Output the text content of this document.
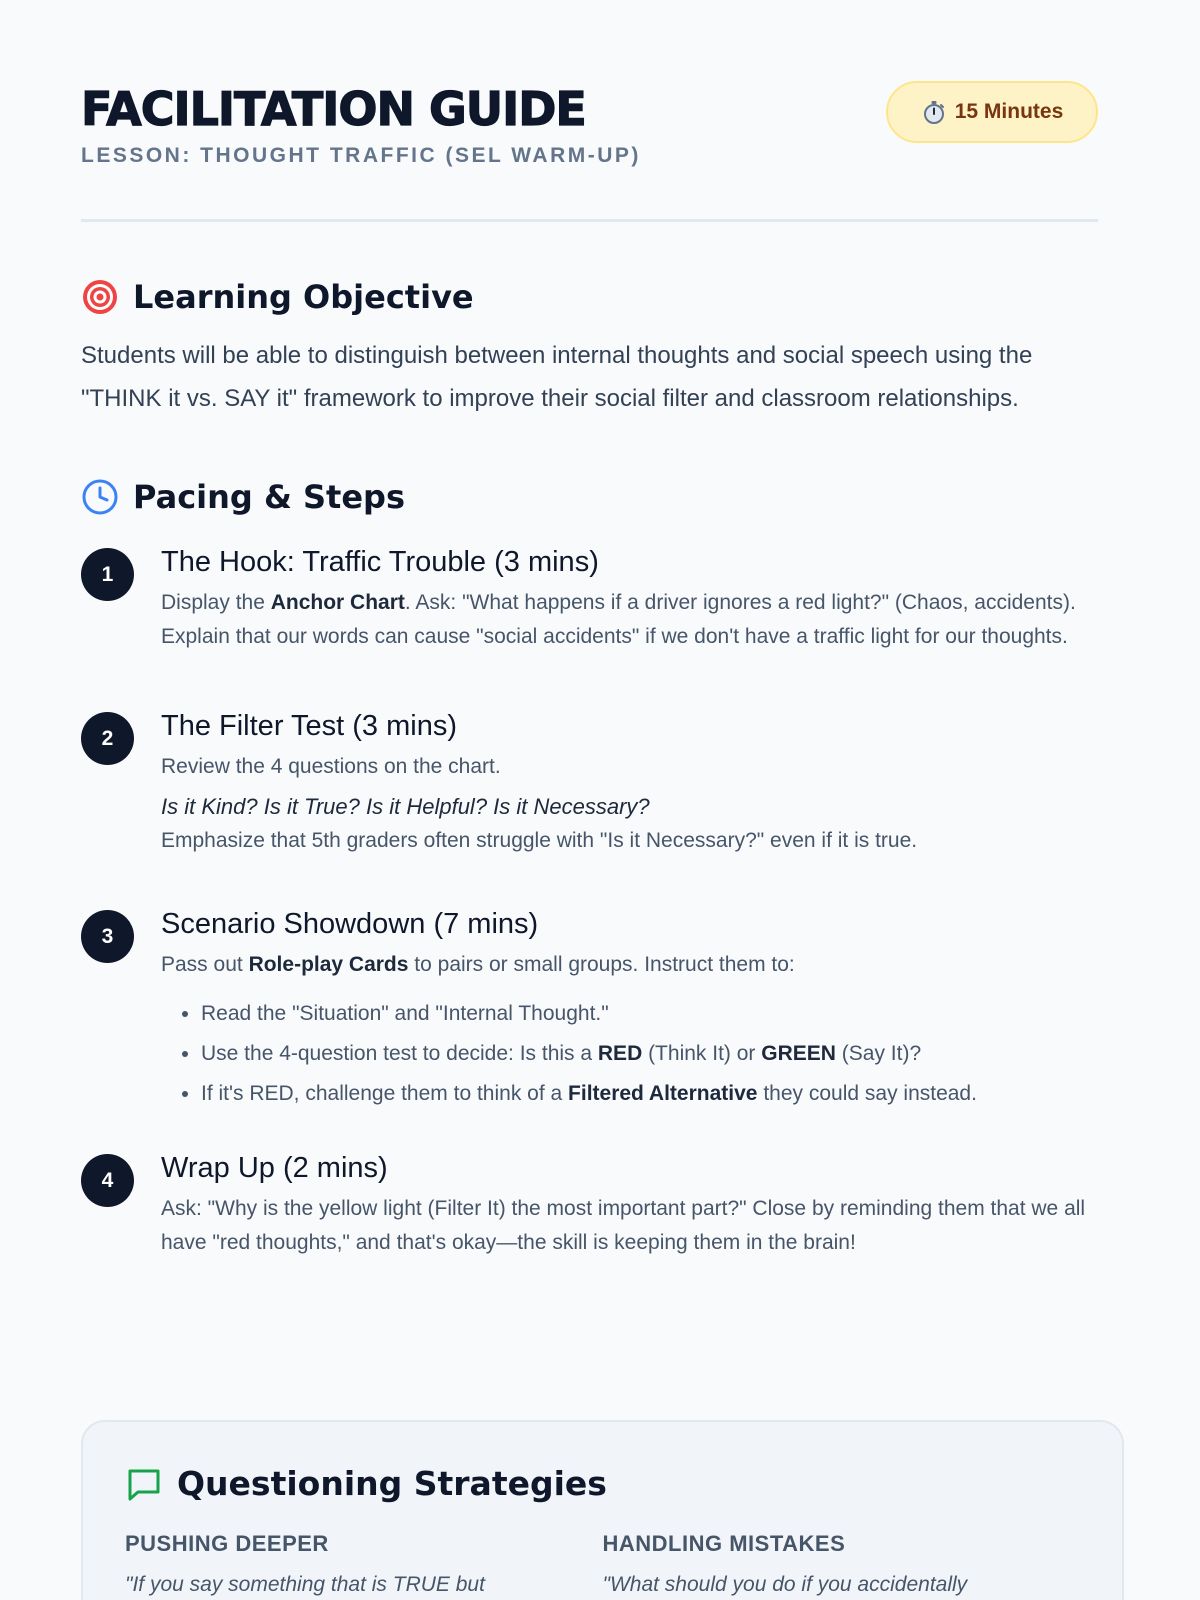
FACILITATION GUIDE
LESSON: THOUGHT TRAFFIC (SEL WARM-UP)
15 Minutes
Learning Objective

Students will be able to distinguish between internal thoughts and social speech using the "THINK it vs. SAY it" framework to improve their social filter and classroom relationships.

Pacing & Steps
1	The Hook: Traffic Trouble (3 mins)
Display the Anchor Chart. Ask: "What happens if a driver ignores a red light?" (Chaos, accidents). Explain that our words can cause "social accidents" if we don't have a traffic light for our thoughts.
2	The Filter Test (3 mins)
Review the 4 questions on the chart.
Is it Kind? Is it True? Is it Helpful? Is it Necessary?
Emphasize that 5th graders often struggle with "Is it Necessary?" even if it is true.
3	Scenario Showdown (7 mins)
Pass out Role-play Cards to pairs or small groups. Instruct them to:
• Read the "Situation" and "Internal Thought."
• Use the 4-question test to decide: Is this a RED (Think It) or GREEN (Say It)?
• If it's RED, challenge them to think of a Filtered Alternative they could say instead.
4	Wrap Up (2 mins)
Ask: "Why is the yellow light (Filter It) the most important part?" Close by reminding them that we all have "red thoughts," and that's okay—the skill is keeping them in the brain!
Questioning Strategies
PUSHING DEEPER

"If you say something that is TRUE but

HANDLING MISTAKES

"What should you do if you accidentally
